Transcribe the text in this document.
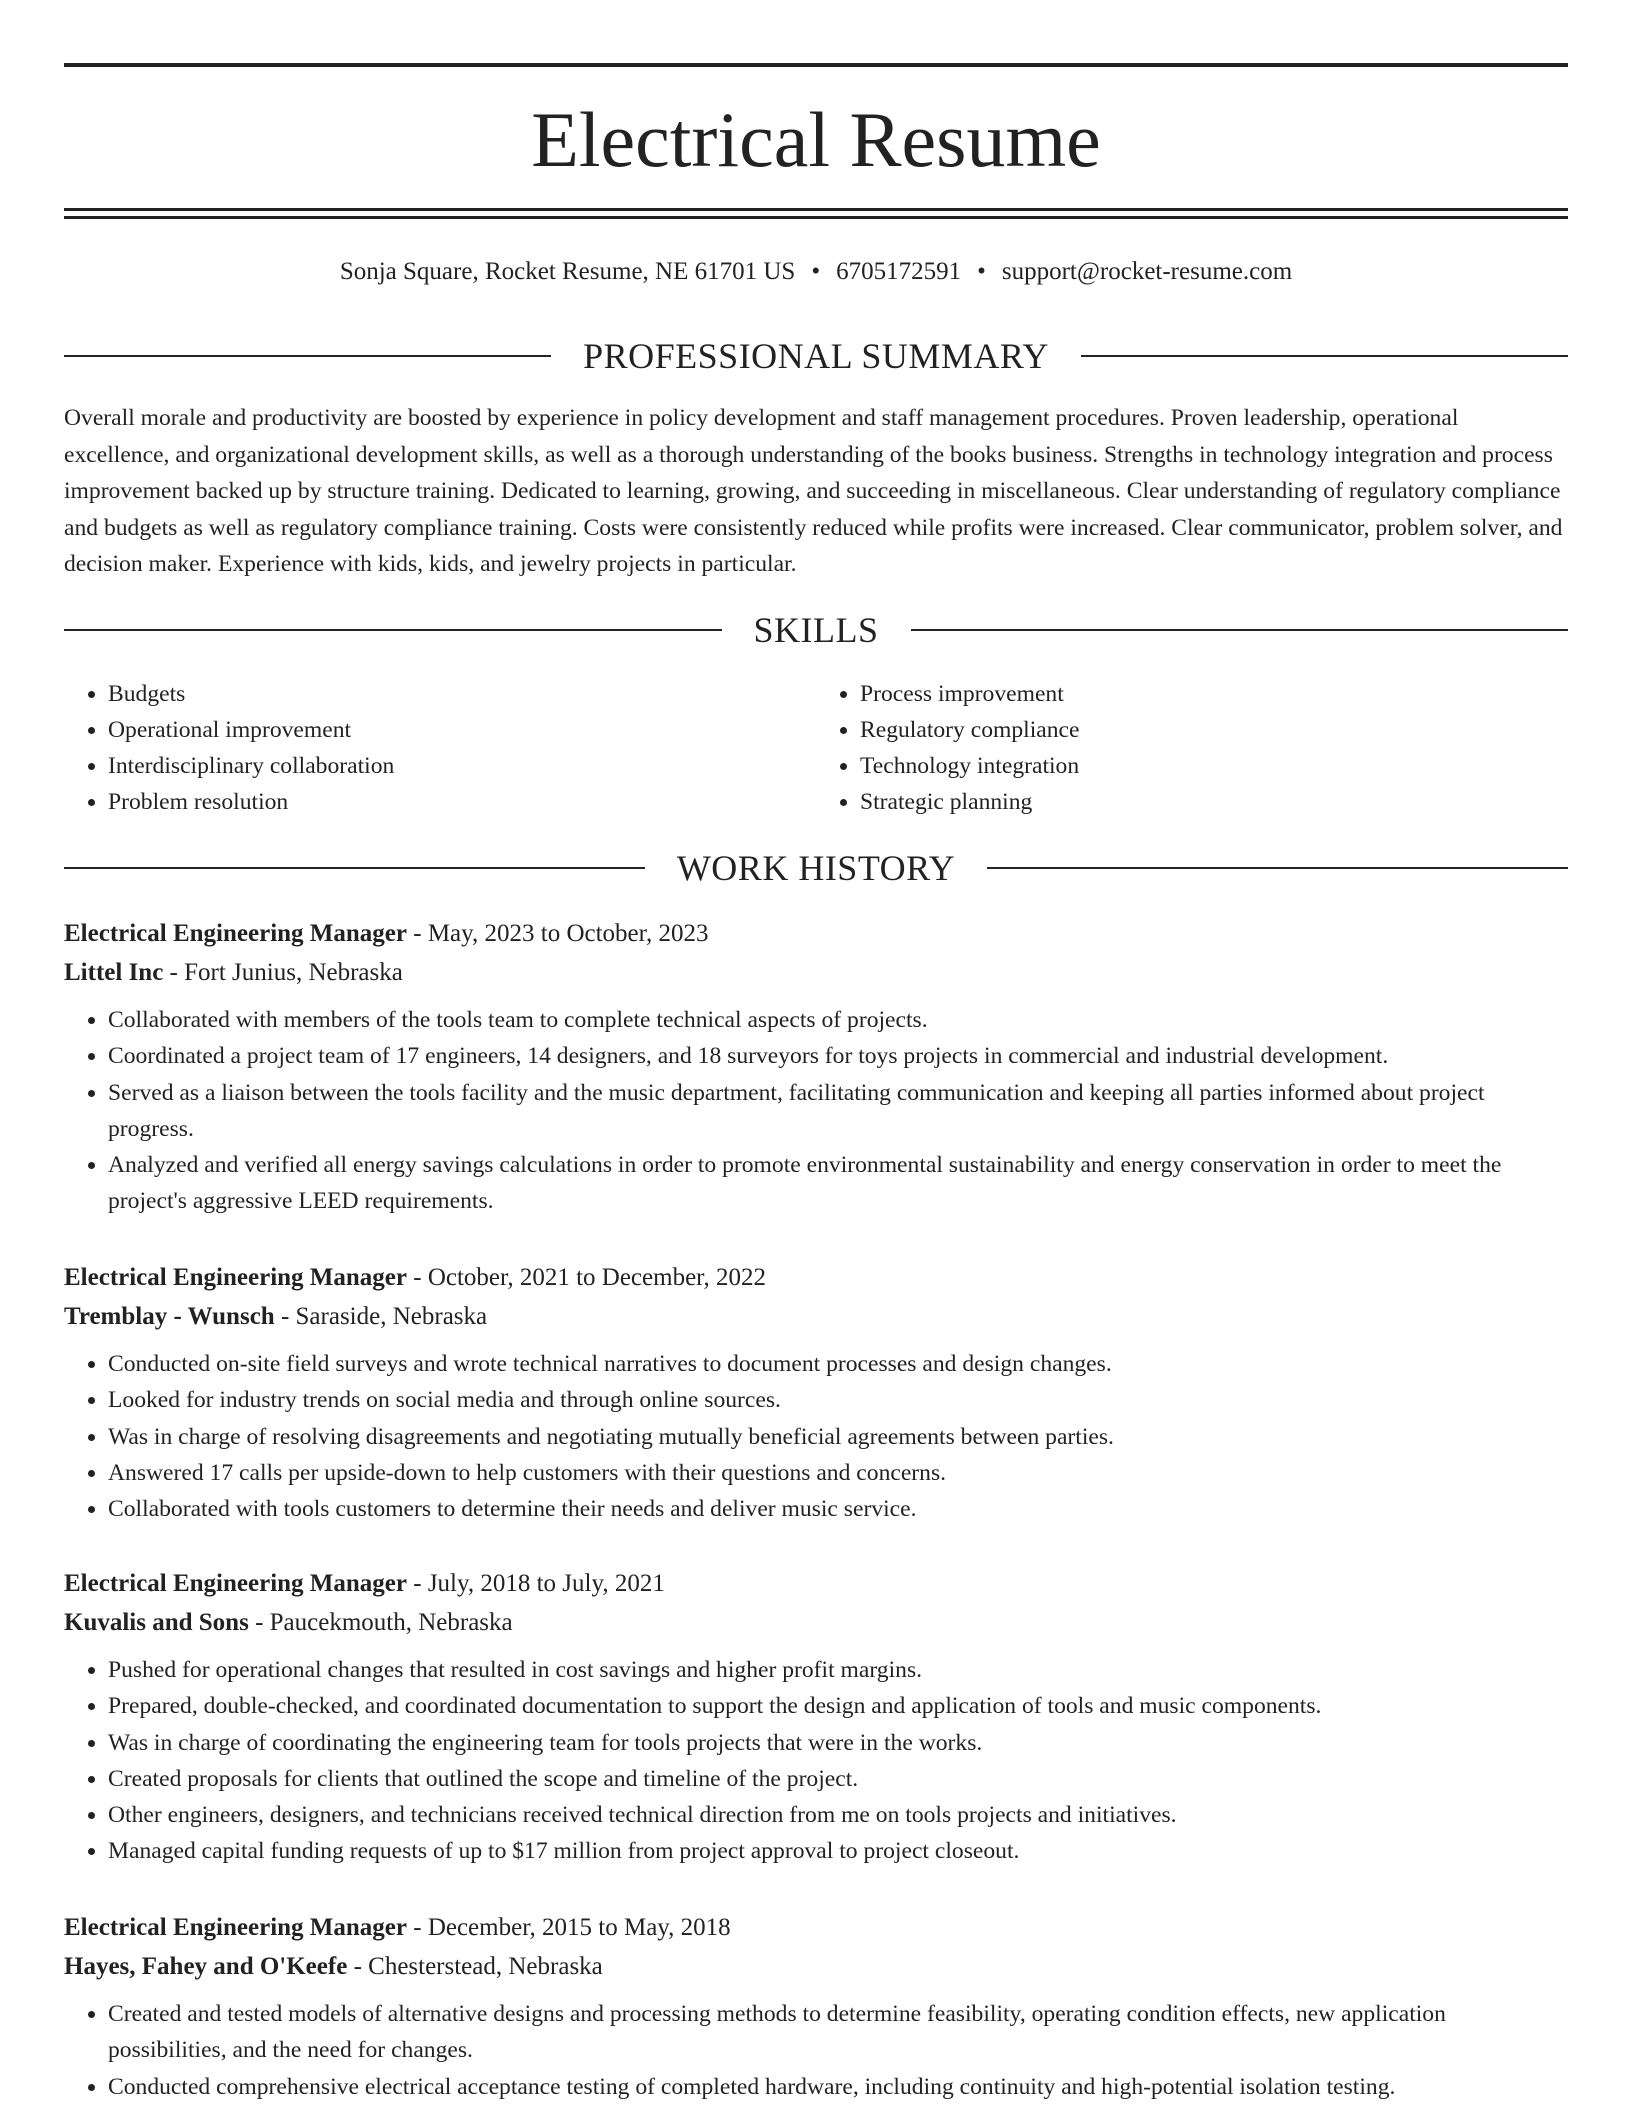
Electrical Resume
Sonja Square, Rocket Resume, NE 61701 US • 6705172591 • support@rocket-resume.com
PROFESSIONAL SUMMARY

Overall morale and productivity are boosted by experience in policy development and staff management procedures. Proven leadership, operational excellence, and organizational development skills, as well as a thorough understanding of the books business. Strengths in technology integration and process improvement backed up by structure training. Dedicated to learning, growing, and succeeding in miscellaneous. Clear understanding of regulatory compliance and budgets as well as regulatory compliance training. Costs were consistently reduced while profits were increased. Clear communicator, problem solver, and decision maker. Experience with kids, kids, and jewelry projects in particular.

SKILLS
• Budgets
• Operational improvement
• Interdisciplinary collaboration
• Problem resolution
• Process improvement
• Regulatory compliance
• Technology integration
• Strategic planning
WORK HISTORY
Electrical Engineering Manager - May, 2023 to October, 2023
Littel Inc - Fort Junius, Nebraska
• Collaborated with members of the tools team to complete technical aspects of projects.
• Coordinated a project team of 17 engineers, 14 designers, and 18 surveyors for toys projects in commercial and industrial development.
• Served as a liaison between the tools facility and the music department, facilitating communication and keeping all parties informed about project progress.
• Analyzed and verified all energy savings calculations in order to promote environmental sustainability and energy conservation in order to meet the project's aggressive LEED requirements.
Electrical Engineering Manager - October, 2021 to December, 2022
Tremblay - Wunsch - Saraside, Nebraska
• Conducted on-site field surveys and wrote technical narratives to document processes and design changes.
• Looked for industry trends on social media and through online sources.
• Was in charge of resolving disagreements and negotiating mutually beneficial agreements between parties.
• Answered 17 calls per upside-down to help customers with their questions and concerns.
• Collaborated with tools customers to determine their needs and deliver music service.
Electrical Engineering Manager - July, 2018 to July, 2021
Kuvalis and Sons - Paucekmouth, Nebraska
• Pushed for operational changes that resulted in cost savings and higher profit margins.
• Prepared, double-checked, and coordinated documentation to support the design and application of tools and music components.
• Was in charge of coordinating the engineering team for tools projects that were in the works.
• Created proposals for clients that outlined the scope and timeline of the project.
• Other engineers, designers, and technicians received technical direction from me on tools projects and initiatives.
• Managed capital funding requests of up to $17 million from project approval to project closeout.
Electrical Engineering Manager - December, 2015 to May, 2018
Hayes, Fahey and O'Keefe - Chesterstead, Nebraska
• Created and tested models of alternative designs and processing methods to determine feasibility, operating condition effects, new application possibilities, and the need for changes.
• Conducted comprehensive electrical acceptance testing of completed hardware, including continuity and high-potential isolation testing.
